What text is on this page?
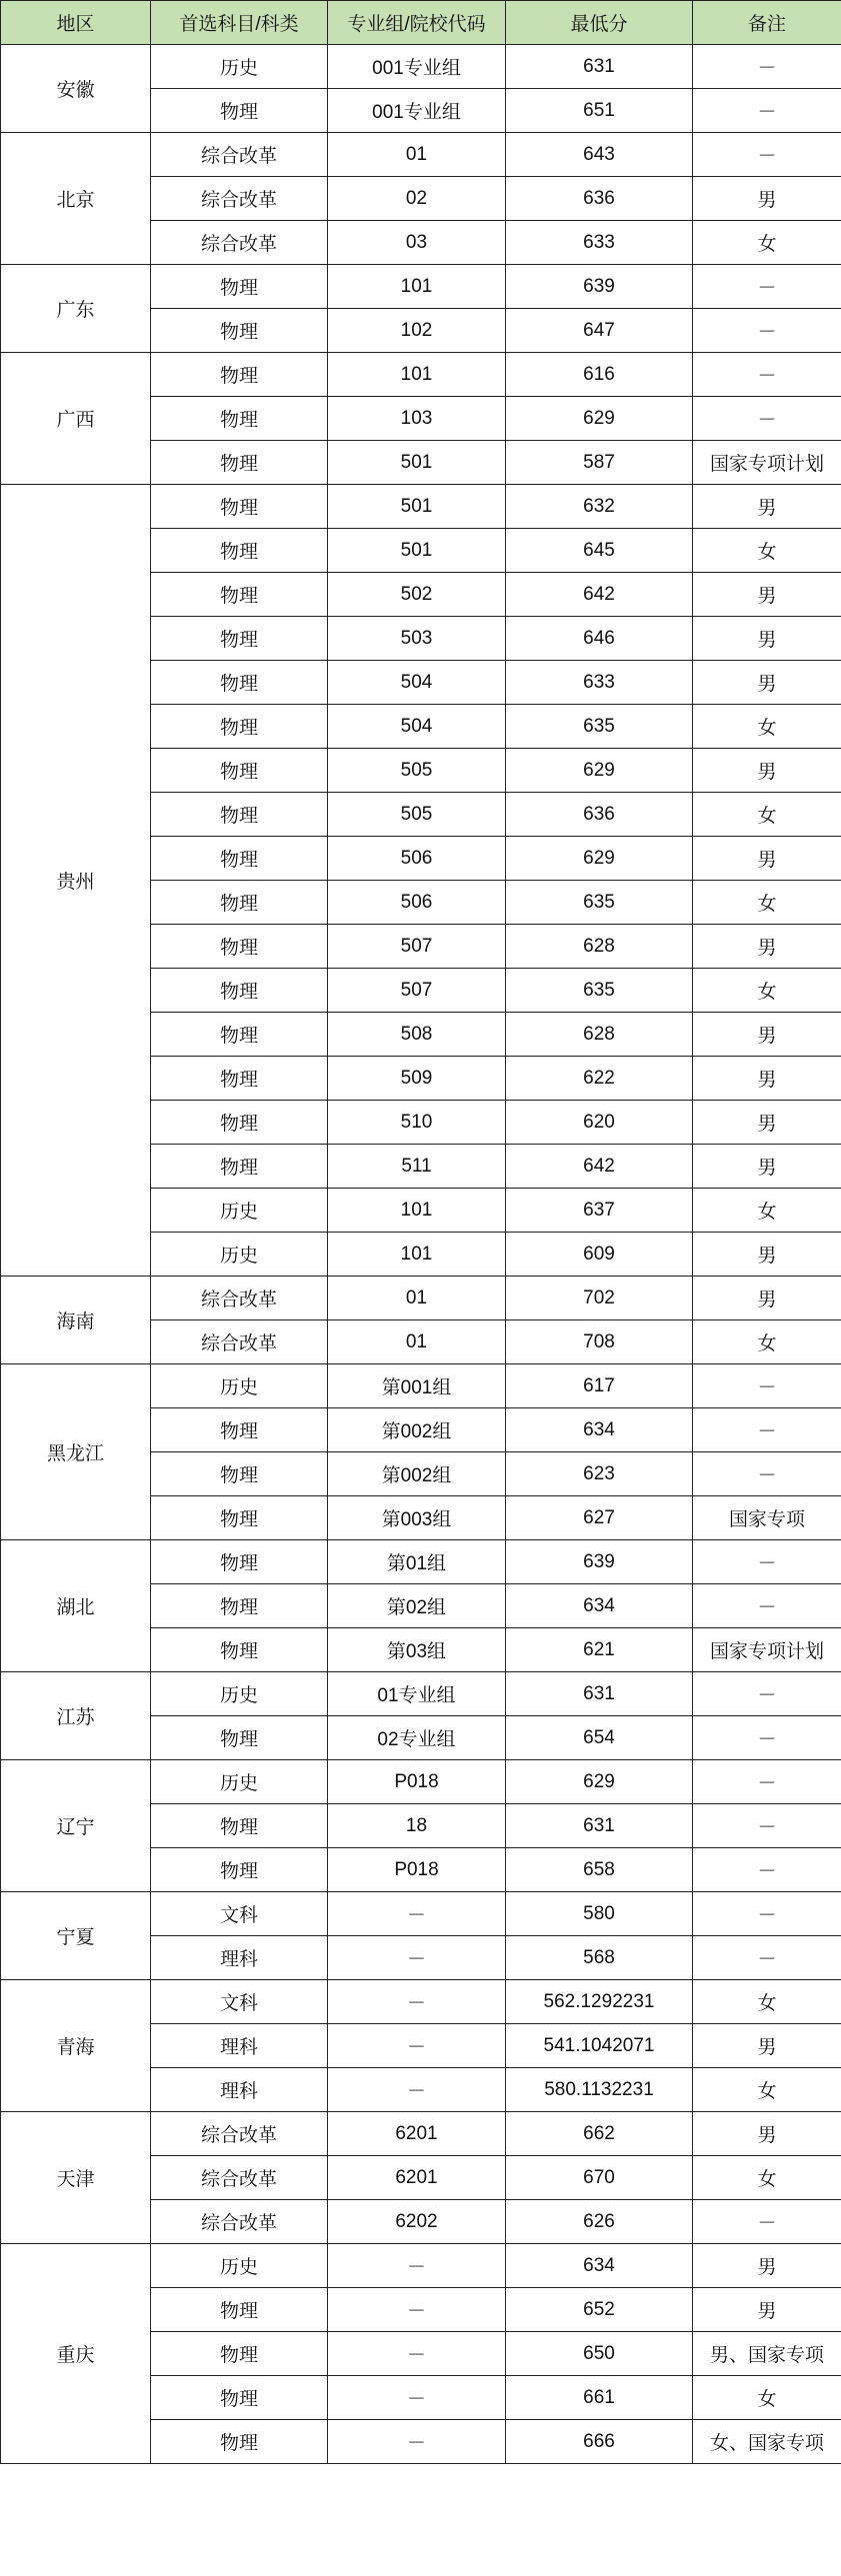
地区	首选科目/科类	专业组/院校代码	最低分	备注
安徽	历史	001专业组	631	－
	物理	001专业组	651	－
北京	综合改革	01	643	－
	综合改革	02	636	男
	综合改革	03	633	女
广东	物理	101	639	－
	物理	102	647	－
广西	物理	101	616	－
	物理	103	629	－
	物理	501	587	国家专项计划
贵州	物理	501	632	男
	物理	501	645	女
	物理	502	642	男
	物理	503	646	男
	物理	504	633	男
	物理	504	635	女
	物理	505	629	男
	物理	505	636	女
	物理	506	629	男
	物理	506	635	女
	物理	507	628	男
	物理	507	635	女
	物理	508	628	男
	物理	509	622	男
	物理	510	620	男
	物理	511	642	男
	历史	101	637	女
	历史	101	609	男
海南	综合改革	01	702	男
	综合改革	01	708	女
黑龙江	历史	第001组	617	－
	物理	第002组	634	－
	物理	第002组	623	－
	物理	第003组	627	国家专项
湖北	物理	第01组	639	－
	物理	第02组	634	－
	物理	第03组	621	国家专项计划
江苏	历史	01专业组	631	－
	物理	02专业组	654	－
辽宁	历史	P018	629	－
	物理	18	631	－
	物理	P018	658	－
宁夏	文科	－	580	－
	理科	－	568	－
青海	文科	－	562.1292231	女
	理科	－	541.1042071	男
	理科	－	580.1132231	女
天津	综合改革	6201	662	男
	综合改革	6201	670	女
	综合改革	6202	626	－
重庆	历史	－	634	男
	物理	－	652	男
	物理	－	650	男、国家专项
	物理	－	661	女
	物理	－	666	女、国家专项
